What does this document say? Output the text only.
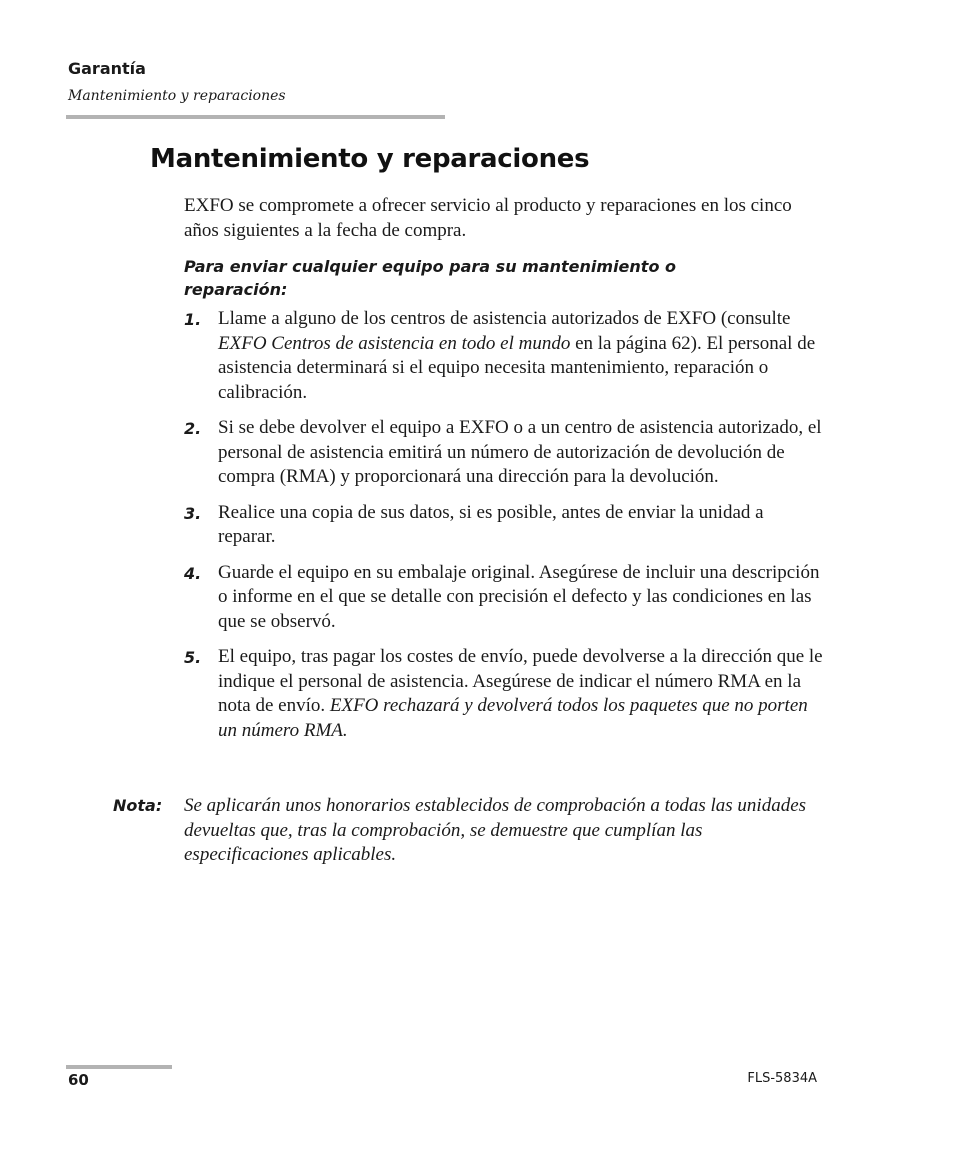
Garantía
Mantenimiento y reparaciones
Mantenimiento y reparaciones

EXFO se compromete a ofrecer servicio al producto y reparaciones en los cinco años siguientes a la fecha de compra.

Para enviar cualquier equipo para su mantenimiento o reparación:

1. Llame a alguno de los centros de asistencia autorizados de EXFO (consulte EXFO Centros de asistencia en todo el mundo en la página 62). El personal de asistencia determinará si el equipo necesita mantenimiento, reparación o calibración.
2. Si se debe devolver el equipo a EXFO o a un centro de asistencia autorizado, el personal de asistencia emitirá un número de autorización de devolución de compra (RMA) y proporcionará una dirección para la devolución.
3. Realice una copia de sus datos, si es posible, antes de enviar la unidad a reparar.
4. Guarde el equipo en su embalaje original. Asegúrese de incluir una descripción o informe en el que se detalle con precisión el defecto y las condiciones en las que se observó.
5. El equipo, tras pagar los costes de envío, puede devolverse a la dirección que le indique el personal de asistencia. Asegúrese de indicar el número RMA en la nota de envío. EXFO rechazará y devolverá todos los paquetes que no porten un número RMA.
Nota: Se aplicarán unos honorarios establecidos de comprobación a todas las unidades devueltas que, tras la comprobación, se demuestre que cumplían las especificaciones aplicables.

60	FLS-5834A
